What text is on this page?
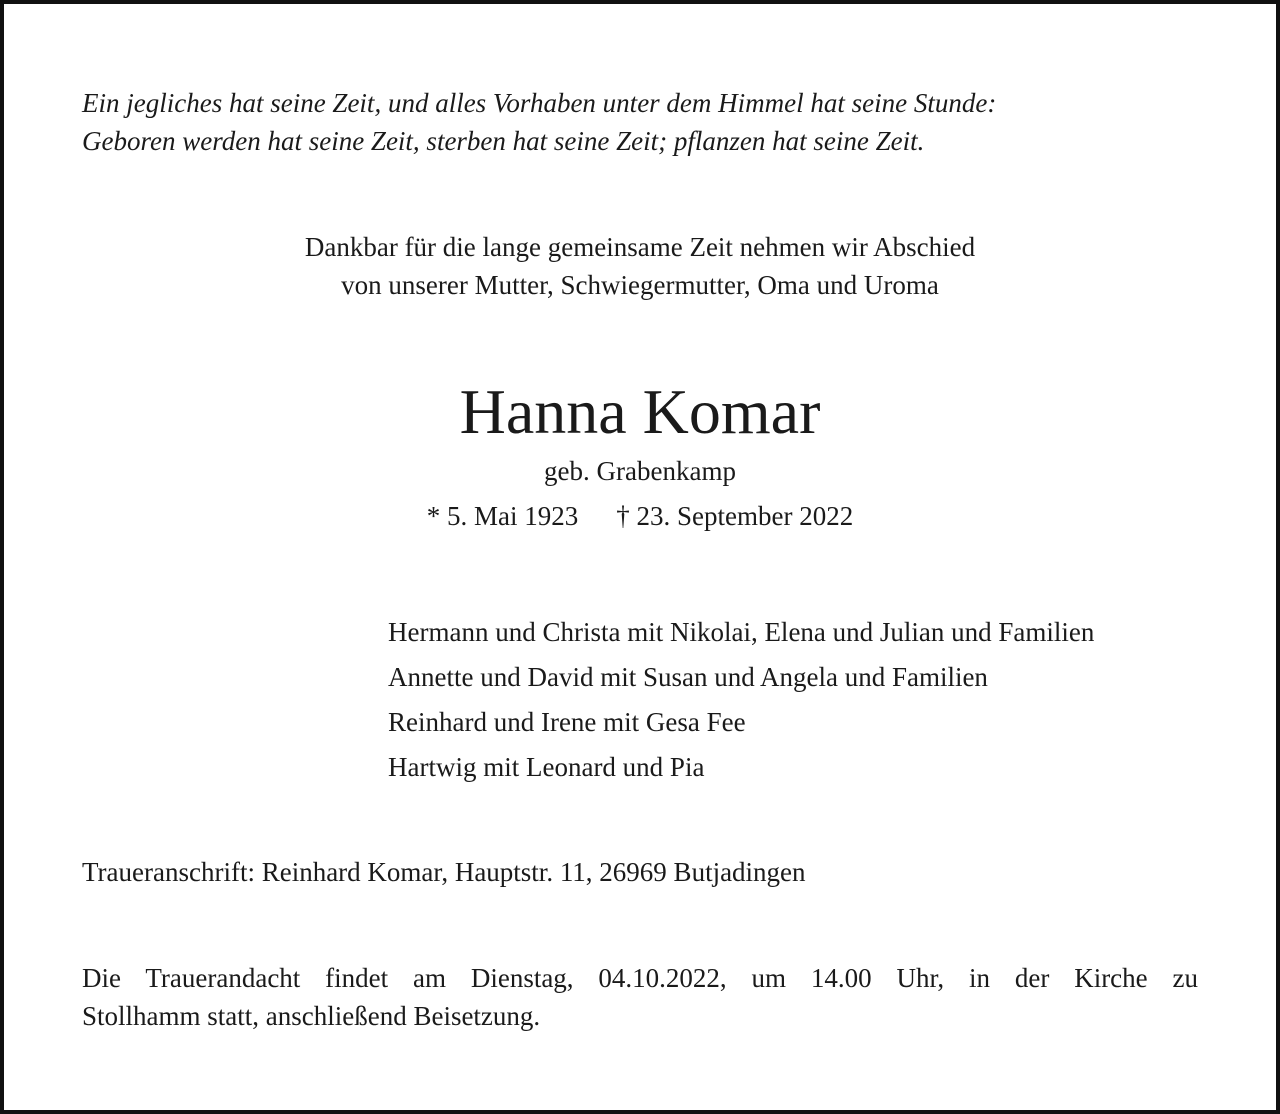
Ein jegliches hat seine Zeit, und alles Vorhaben unter dem Himmel hat seine Stunde:
Geboren werden hat seine Zeit, sterben hat seine Zeit; pflanzen hat seine Zeit.
Dankbar für die lange gemeinsame Zeit nehmen wir Abschied
von unserer Mutter, Schwiegermutter, Oma und Uroma
Hanna Komar
geb. Grabenkamp
* 5. Mai 1923 † 23. September 2022
Hermann und Christa mit Nikolai, Elena und Julian und Familien
Annette und David mit Susan und Angela und Familien
Reinhard und Irene mit Gesa Fee
Hartwig mit Leonard und Pia
Traueranschrift: Reinhard Komar, Hauptstr. 11, 26969 Butjadingen
Die Trauerandacht findet am Dienstag, 04.10.2022, um 14.00 Uhr, in der Kirche zu
Stollhamm statt, anschließend Beisetzung.
